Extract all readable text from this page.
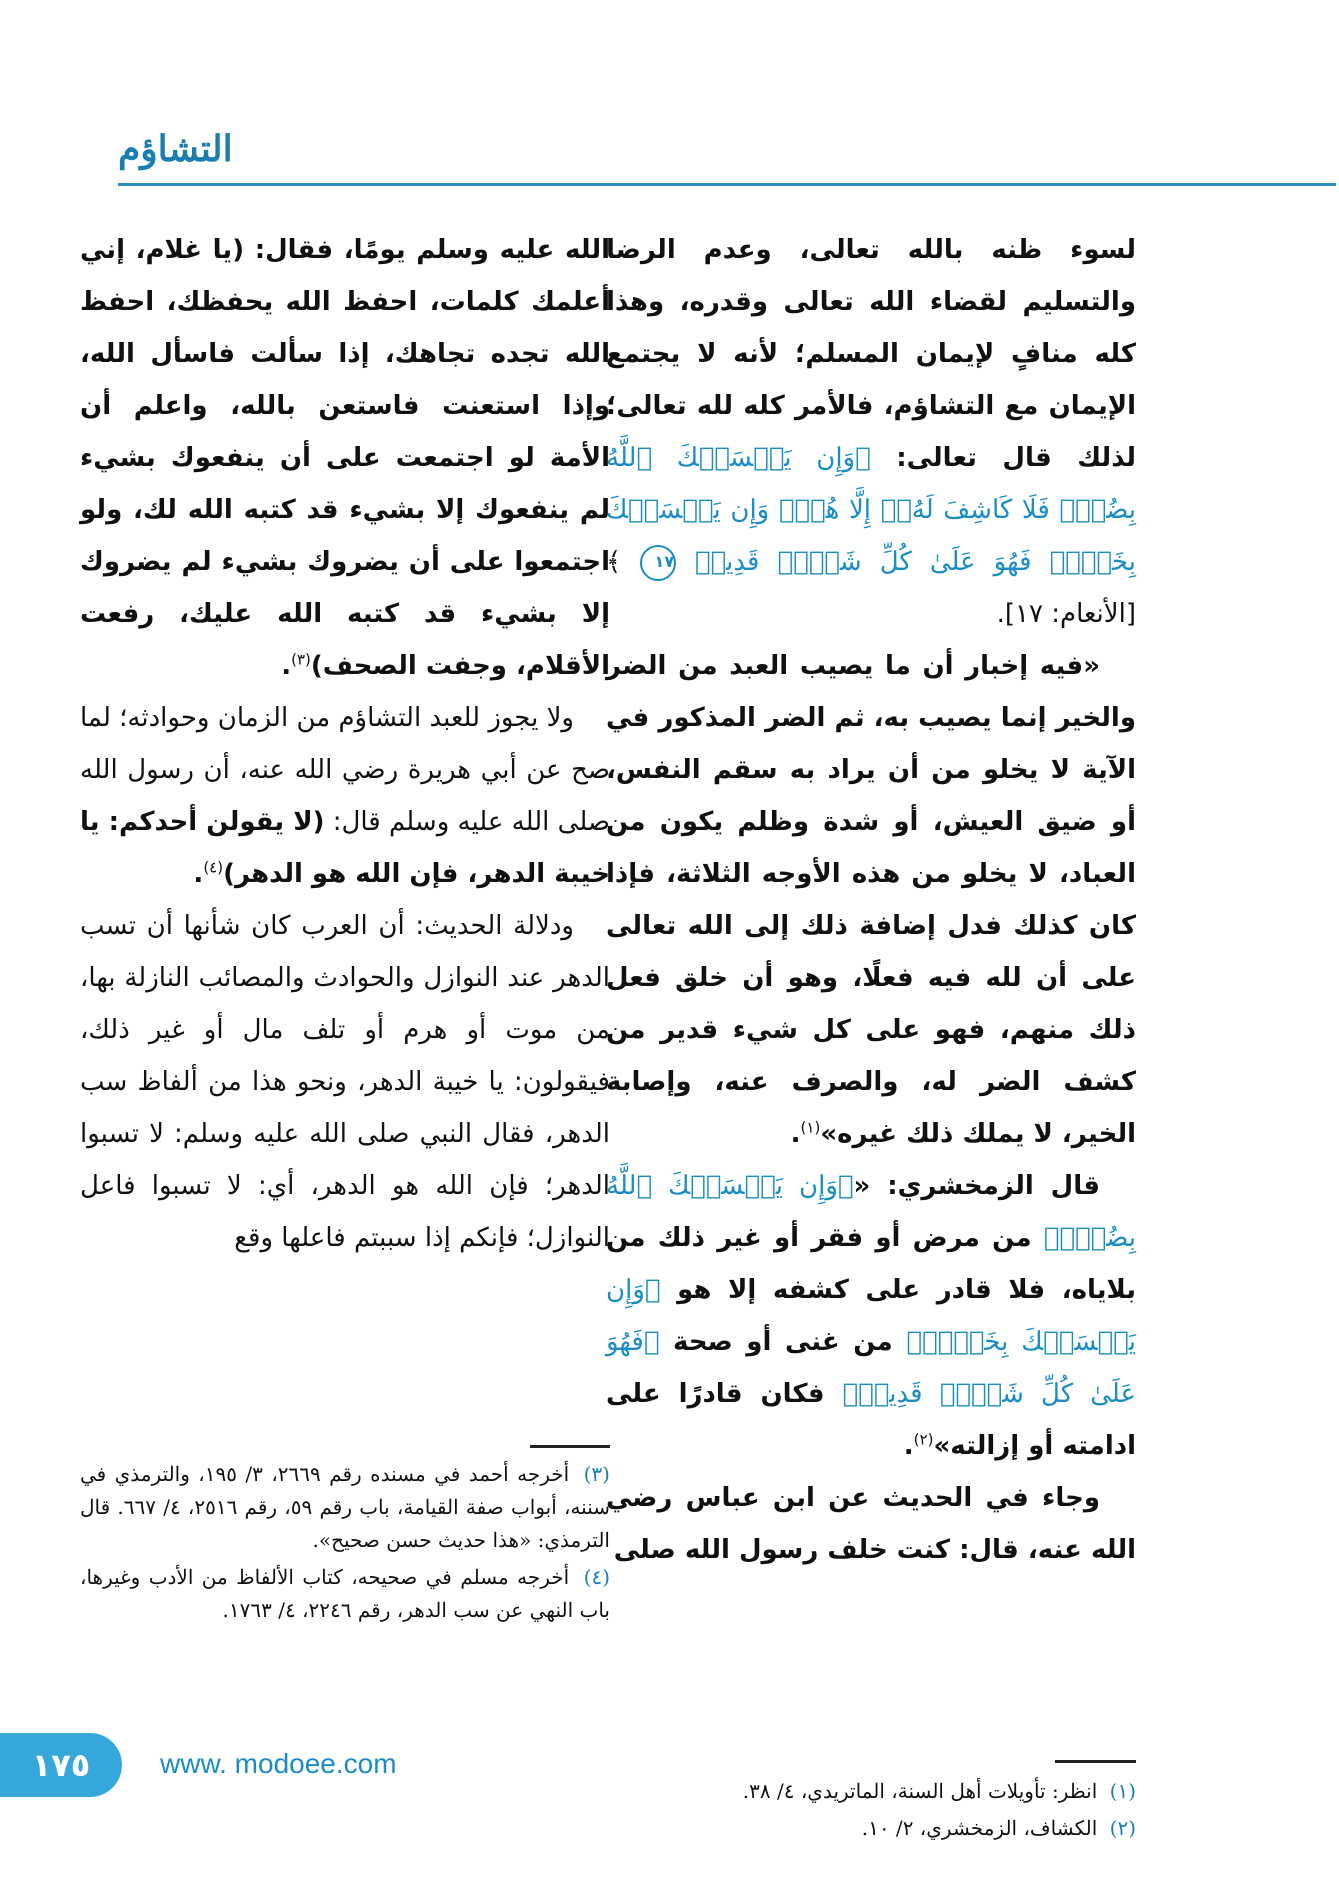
التشاؤم

لسوء ظنه بالله تعالى، وعدم الرضا والتسليم لقضاء الله تعالى وقدره، وهذا كله منافٍ لإيمان المسلم؛ لأنه لا يجتمع الإيمان مع التشاؤم، فالأمر كله لله تعالى؛ لذلك قال تعالى: ﴿وَإِن يَمۡسَسۡكَ ٱللَّهُ بِضُرّٖ فَلَا كَاشِفَ لَهُۥٓ إِلَّا هُوَۖ وَإِن يَمۡسَسۡكَ بِخَيۡرٖ فَهُوَ عَلَىٰ كُلِّ شَيۡءٖ قَدِيرٞ ١٧ ﴾ [الأنعام: ١٧].

«فيه إخبار أن ما يصيب العبد من الضر والخير إنما يصيب به، ثم الضر المذكور في الآية لا يخلو من أن يراد به سقم النفس، أو ضيق العيش، أو شدة وظلم يكون من العباد، لا يخلو من هذه الأوجه الثلاثة، فإذا كان كذلك فدل إضافة ذلك إلى الله تعالى على أن لله فيه فعلًا، وهو أن خلق فعل ذلك منهم، فهو على كل شيء قدير من كشف الضر له، والصرف عنه، وإصابة الخير، لا يملك ذلك غيره»$^{(١)}$.

قال الزمخشري: «﴿وَإِن يَمۡسَسۡكَ ٱللَّهُ بِضُرّٖ﴾ من مرض أو فقر أو غير ذلك من بلاياه، فلا قادر على كشفه إلا هو ﴿وَإِن يَمۡسَسۡكَ بِخَيۡرٖ﴾ من غنى أو صحة ﴿فَهُوَ عَلَىٰ كُلِّ شَيۡءٖ قَدِيرٞ﴾ فكان قادرًا على ادامته أو إزالته»$^{(٢)}$.

وجاء في الحديث عن ابن عباس رضي الله عنه، قال: كنت خلف رسول الله صلى

الله عليه وسلم يومًا، فقال: (يا غلام، إني أعلمك كلمات، احفظ الله يحفظك، احفظ الله تجده تجاهك، إذا سألت فاسأل الله، وإذا استعنت فاستعن بالله، واعلم أن الأمة لو اجتمعت على أن ينفعوك بشيء لم ينفعوك إلا بشيء قد كتبه الله لك، ولو اجتمعوا على أن يضروك بشيء لم يضروك إلا بشيء قد كتبه الله عليك، رفعت الأقلام، وجفت الصحف)$^{(٣)}$.

ولا يجوز للعبد التشاؤم من الزمان وحوادثه؛ لما صح عن أبي هريرة رضي الله عنه، أن رسول الله صلى الله عليه وسلم قال: (لا يقولن أحدكم: يا خيبة الدهر، فإن الله هو الدهر)$^{(٤)}$.

ودلالة الحديث: أن العرب كان شأنها أن تسب الدهر عند النوازل والحوادث والمصائب النازلة بها، من موت أو هرم أو تلف مال أو غير ذلك، فيقولون: يا خيبة الدهر، ونحو هذا من ألفاظ سب الدهر، فقال النبي صلى الله عليه وسلم: لا تسبوا الدهر؛ فإن الله هو الدهر، أي: لا تسبوا فاعل النوازل؛ فإنكم إذا سببتم فاعلها وقع

(٣) أخرجه أحمد في مسنده رقم ٢٦٦٩، ٣/ ١٩٥، والترمذي في سننه، أبواب صفة القيامة، باب رقم ٥٩، رقم ٢٥١٦، ٤/ ٦٦٧. قال الترمذي: «هذا حديث حسن صحيح».

(٤) أخرجه مسلم في صحيحه، كتاب الألفاظ من الأدب وغيرها، باب النهي عن سب الدهر، رقم ٢٢٤٦، ٤/ ١٧٦٣.

(١) انظر: تأويلات أهل السنة، الماتريدي، ٤/ ٣٨.

(٢) الكشاف، الزمخشري، ٢/ ١٠.

١٧٥	www. modoee.com
